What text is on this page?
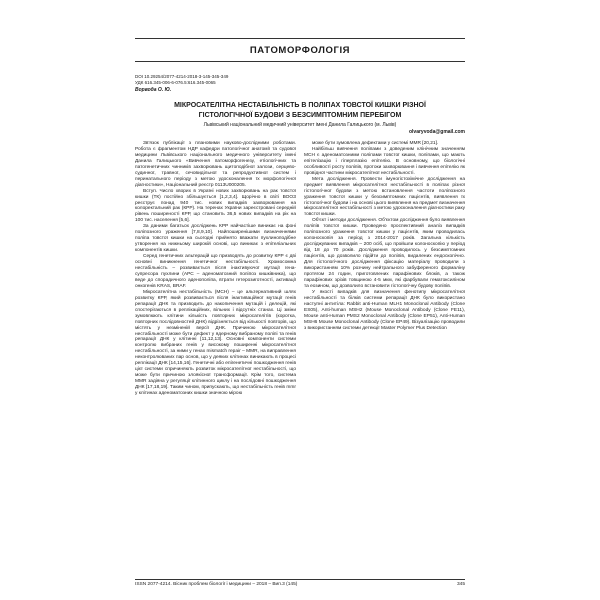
ПАТОМОРФОЛОГІЯ
DOI 10.29254/2077-4214-2018-3-145-345-349
УДК 616.345-006-6-076.5:616.345-0065
Ворвода О. Ю.
МІКРОСАТЕЛІТНА НЕСТАБІЛЬНІСТЬ В ПОЛІПАХ ТОВСТОЇ КИШКИ РІЗНОЇ
ГІСТОЛОГІЧНОЇ БУДОВИ З БЕЗСИМПТОМНИМ ПЕРЕБІГОМ
Львівський національний медичний університет імені Данила Галицького (м. Львів)
olvaryvoda@gmail.com

Зв'язок публікації з плановими науково-дослідними роботами. Робота є фрагментом НДР кафедри патологічної анатомії та судової медицини Львівського національного медичного університету імені Данила Галицького «Вивчення патоморфогенезу, етіологічних та патогенетичних чинників захворювань щитоподібної залози, серцево-судинної, травної, сечовидільної та репродуктивної систем і перинатального періоду з метою удосконалення їх морфологічної діагностики», Національний реєстр 0113U000205.

Вступ. Число хворих в Україні нових захворювань на рак товстої кишки (ТК) постійно збільшується [1,2,3,4]. Щорічно в світі ВООЗ реєструє понад 940 тис. нових випадків захворювання на колоректальний рак (КРР). На теренах України зареєстровані середній рівень поширеності КРР, що становить 36,5 нових випадків на рік на 100 тис. населення [5,6].

За даними багатьох досліджень КРР найчастіше виникає на фоні поліпозного ураження [7,8,9,10]. Найпоширенішими визначеннями поліпа товстої кишки на сьогодні прийнято вважати пухлиноподібне утворення на нижньому широкій основі, що виникає з епітеліальних компонентів кишки.

Серед генетичних альтерацій що призводять до розвитку КРР є дві основні виникнення генетичної нестабільності. Хромосомна нестабільність – розвивається після інактивуючої мутації гена-супресора пухлини (APC – аденоматозний поліпоз кишківника), що веде до спорадичного аденополіпа, втрати гетерозиготності, активації онкогенів KRAS, BRAF.

Мікросателітна нестабільність (MCH) – це альтернативний шлях розвитку КРР, який розвивається після інактиваційної мутації генів репарації ДНК та призводить до накопичення мутацій і делецій, які спостерігаються в реплікаційних, вільних і відсутніх станах. Ці зміни зумовлюють клітини кількість повторних мікросателітів (коротка, повторних послідовностей ДНК) відрізняється від кількості повторів, що містять у незміненій версії ДНК. Причиною мікросателітної нестабільності може бути дефект у ядерному вибраному поліпі та генів репарації ДНК у клітинні [11,12,13]. Основні компоненти системи контролю вибраних генів у високому поширенні мікросателітної нестабільності, за ними у генах mismatch repair – MMR, на виправлення неконтролюваних пар основ, що у деяких клітинах виникають в процесі реплікації ДНК [14,15,16]. Генетичні або епігенетичні пошкодження генів цієї системи спричиняють розвиток мікросателітної нестабільності, що може бути причиною злоякісної трансформації. Крім того, система MMR задіяна у регуляції клітинного циклу і на послідовні пошкодження ДНК [17,18,19]. Таким чином, припускають, що нестабільність генів mmr у клітинах аденоматозних кишки значною мірою

може бути зумовлена дефектами у системі MMR [20,21].

Найбільш вивчення поліпами з доведеним клінічним значенням MCH є аденоматозними поліпами товстої кишки, поліпами, що мають епітелізацію і гіперплазію епітелію. В основному, що біологічні особливості росту поліпів, протоки захворювання і вивчення епітелію як провідної частини мікросателітної нестабільності.

Мета дослідження. Провести імуногістохімічне дослідження на предмет виявлення мікросателітної нестабільності в поліпах різної гістологічної будови з метою встановлення частоти поліпозного ураження товстої кишки у безсимптомних пацієнтів, виявлення їх гістологічної будови і на основі цього виявлення на предмет визначення мікросателітної нестабільності з метою удосконалення діагностики раку товстої кишки.

Об'єкт і методи дослідження. Об'єктом дослідження було виявлення поліпів товстої кишки. Проведено проспективний аналіз випадків поліпозного ураження товстої кишки у пацієнтів, яким проводилась колоноскопія за період з 2014-2017 років. Загальна кількість досліджуваних випадків – 200 осіб, що пройшли колоноскопію у період від 18 до 70 років. Дослідження проводилось у безсимптомних пацієнтів, що дозволило підійти до поліпів, видалених ендоскопічно. Для гістологічного дослідження фіксацію матеріалу проводили з використанням 10% розчину нейтрального забуференого формаліну протягом 24 годин, приготовлених парафінових блоків, а також парафінових зрізів товщиною 4-5 мкм, які фарбували гематоксиліном та еозином, що дозволило встановити гістологічну будову поліпів.

У якості випадків для визначення фенотипу мікросателітної нестабільності та білків системи репарації ДНК було використано наступні антитіла: Rabbit anti-Human MLH1 Monoclonal Antibody (Clone ES05), Anti-human MSH2 (Mouse Monoclonal Antibody (Clone FE11), Mouse anti-Human PMS2 Monoclonal Antibody (Clone EP51), Anti-Human MSH6 Mouse Monoclonal Antibody (Clone EP49). Візуалізацію проводили з використанням системи детекції Master Polymer Plus Detection

ISSN 2077-4214. Вісник проблем біології і медицини – 2018 – Вип.3 (145)	345
